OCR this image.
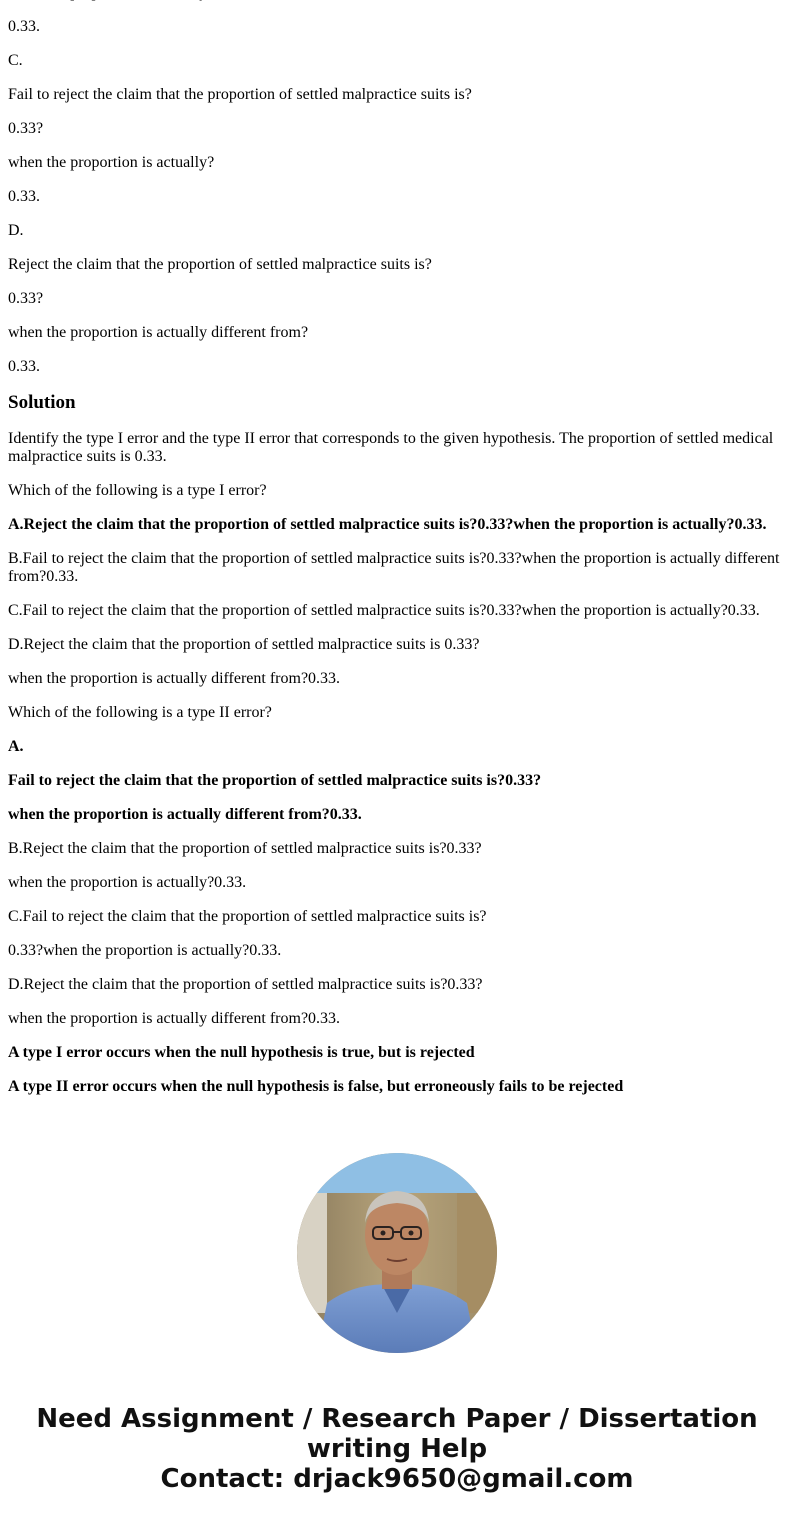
0.33.

C.

Fail to reject the claim that the proportion of settled malpractice suits is?

0.33?

when the proportion is actually?

0.33.

D.

Reject the claim that the proportion of settled malpractice suits is?

0.33?

when the proportion is actually different from?

0.33.

Solution

Identify the type I error and the type II error that corresponds to the given hypothesis. The proportion of settled medical malpractice suits is 0.33.

Which of the following is a type I error?

A.Reject the claim that the proportion of settled malpractice suits is?0.33?when the proportion is actually?0.33.

B.Fail to reject the claim that the proportion of settled malpractice suits is?0.33?when the proportion is actually different from?0.33.

C.Fail to reject the claim that the proportion of settled malpractice suits is?0.33?when the proportion is actually?0.33.

D.Reject the claim that the proportion of settled malpractice suits is 0.33?

when the proportion is actually different from?0.33.

Which of the following is a type II error?

A.

Fail to reject the claim that the proportion of settled malpractice suits is?0.33?

when the proportion is actually different from?0.33.

B.Reject the claim that the proportion of settled malpractice suits is?0.33?

when the proportion is actually?0.33.

C.Fail to reject the claim that the proportion of settled malpractice suits is?

0.33?when the proportion is actually?0.33.

D.Reject the claim that the proportion of settled malpractice suits is?0.33?

when the proportion is actually different from?0.33.

A type I error occurs when the null hypothesis is true, but is rejected

A type II error occurs when the null hypothesis is false, but erroneously fails to be rejected

Need Assignment / Research Paper / Dissertation
writing Help
Contact: drjack9650@gmail.com
